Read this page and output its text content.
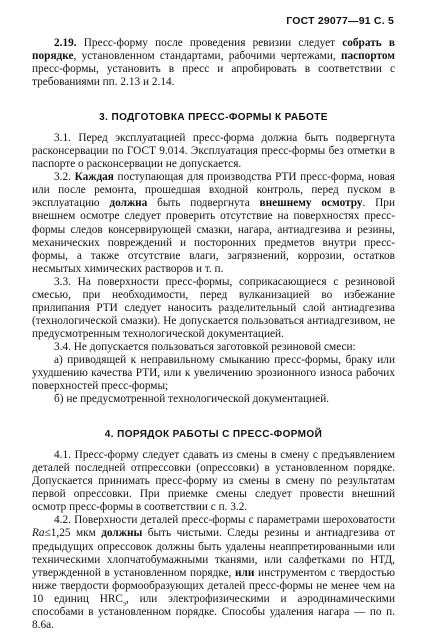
ГОСТ 29077—91 С. 5

2.19. Пресс-форму после проведения ревизии следует собрать в порядке, установленном стандартами, рабочими чертежами, паспортом пресс-формы, установить в пресс и апробировать в соответствии с требованиями пп. 2.13 и 2.14.

3. ПОДГОТОВКА ПРЕСС-ФОРМЫ К РАБОТЕ

3.1. Перед эксплуатацией пресс-форма должна быть подвергнута расконсервации по ГОСТ 9.014. Эксплуатация пресс-формы без отметки в паспорте о расконсервации не допускается.

3.2. Каждая поступающая для производства РТИ пресс-форма, новая или после ремонта, прошедшая входной контроль, перед пуском в эксплуатацию должна быть подвергнута внешнему осмотру. При внешнем осмотре следует проверить отсутствие на поверхностях пресс-формы следов консервирующей смазки, нагара, антиадгезива и резины, механических повреждений и посторонних предметов внутри пресс-формы, а также отсутствие влаги, загрязнений, коррозии, остатков несмытых химических растворов и т. п.

3.3. На поверхности пресс-формы, соприкасающиеся с резиновой смесью, при необходимости, перед вулканизацией во избежание прилипания РТИ следует наносить разделительный слой антиадгезива (технологической смазки). Не допускается пользоваться антиадгезивом, не предусмотренным технологической документацией.

3.4. Не допускается пользоваться заготовкой резиновой смеси:

а) приводящей к неправильному смыканию пресс-формы, браку или ухудшению качества РТИ, или к увеличению эрозионного износа рабочих поверхностей пресс-формы;

б) не предусмотренной технологической документацией.

4. ПОРЯДОК РАБОТЫ С ПРЕСС-ФОРМОЙ

4.1. Пресс-форму следует сдавать из смены в смену с предъявлением деталей последней отпрессовки (опрессовки) в установленном порядке. Допускается принимать пресс-форму из смены в смену по результатам первой опрессовки. При приемке смены следует провести внешний осмотр пресс-формы в соответствии с п. 3.2.

4.2. Поверхности деталей пресс-формы с параметрами шероховатости Ra≤1,25 мкм должны быть чистыми. Следы резины и антиадгезива от предыдущих опрессовок должны быть удалены неаппретированными или техническими хлопчатобумажными тканями, или салфетками по НТД, утвержденной в установленном порядке, или инструментом с твердостью ниже твердости формообразующих деталей пресс-формы не менее чем на 10 единиц $HRC_э$, или электрофизическими и аэродинамическими способами в установленном порядке. Способы удаления нагара — по п. 8.6а.
